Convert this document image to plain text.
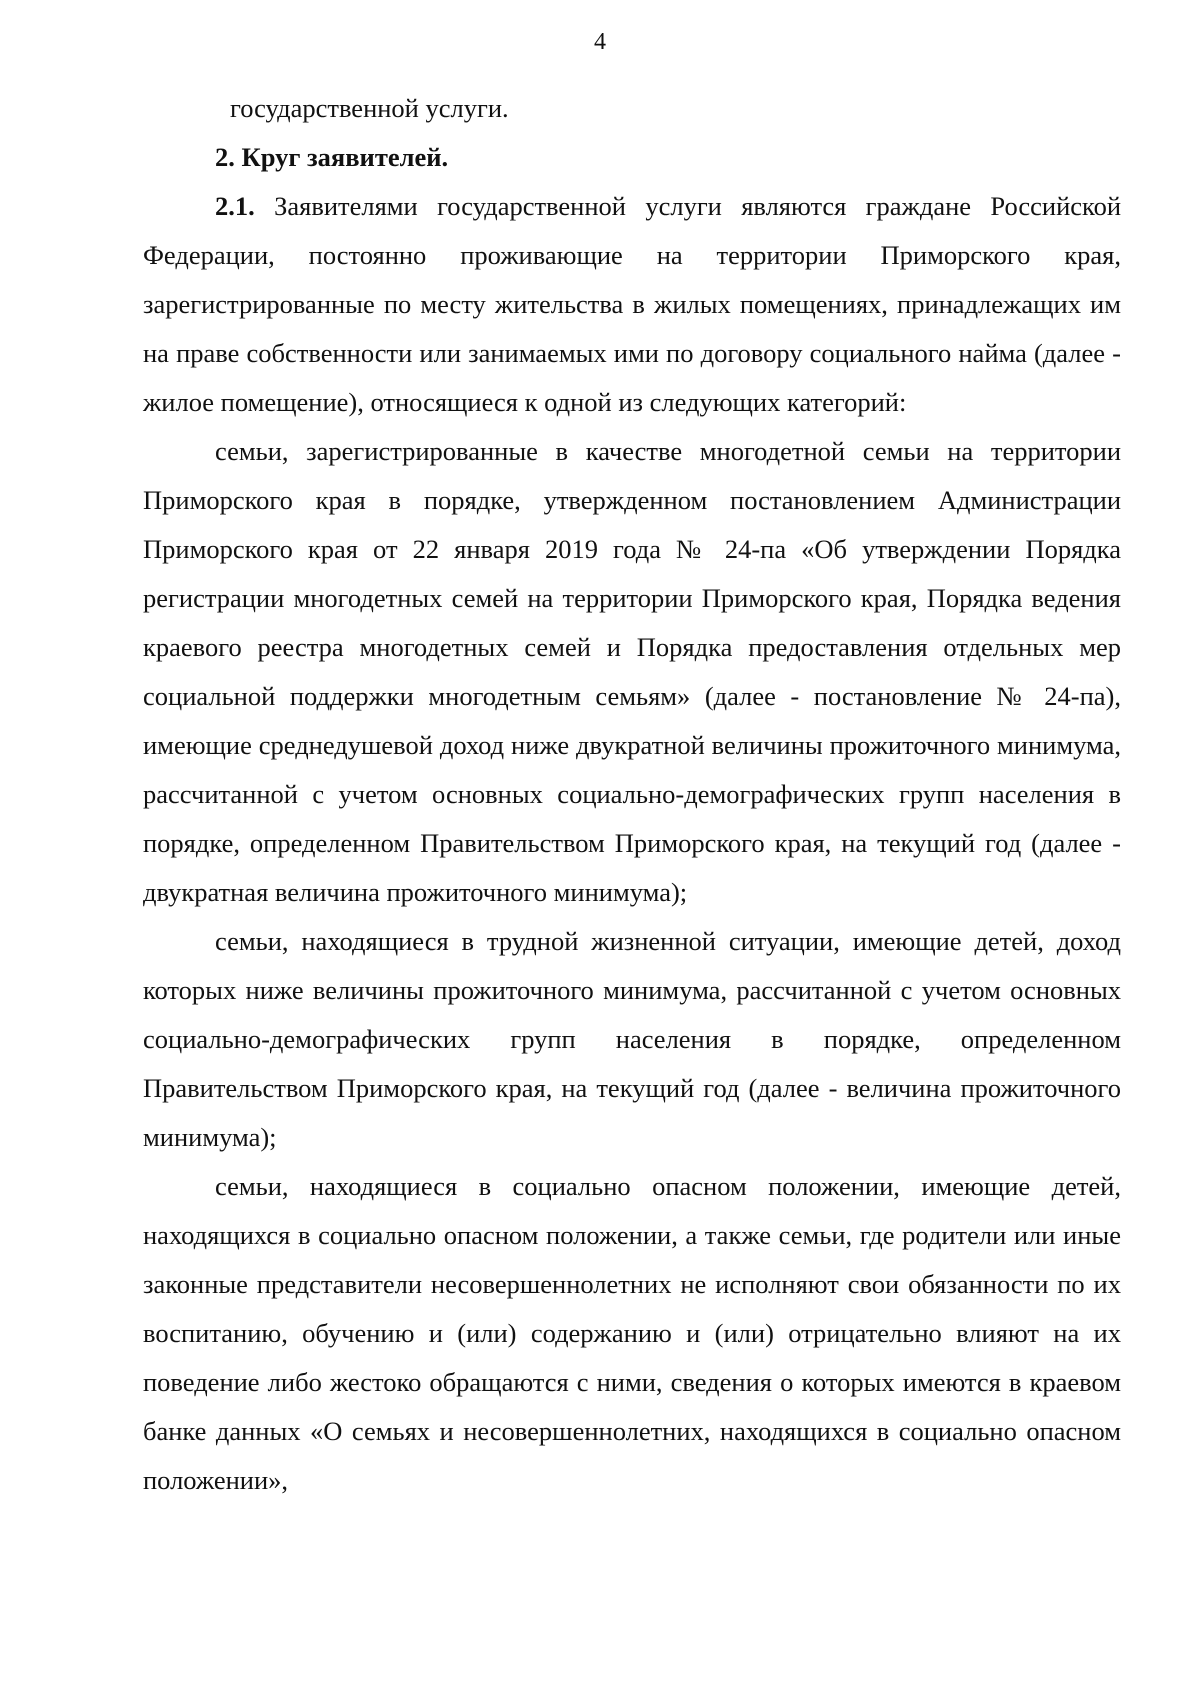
4

государственной услуги.

2. Круг заявителей.

2.1. Заявителями государственной услуги являются граждане Российской Федерации, постоянно проживающие на территории Приморского края, зарегистрированные по месту жительства в жилых помещениях, принадлежащих им на праве собственности или занимаемых ими по договору социального найма (далее - жилое помещение), относящиеся к одной из следующих категорий:

семьи, зарегистрированные в качестве многодетной семьи на территории Приморского края в порядке, утвержденном постановлением Администрации Приморского края от 22 января 2019 года № 24-па «Об утверждении Порядка регистрации многодетных семей на территории Приморского края, Порядка ведения краевого реестра многодетных семей и Порядка предоставления отдельных мер социальной поддержки многодетным семьям» (далее - постановление № 24-па), имеющие среднедушевой доход ниже двукратной величины прожиточного минимума, рассчитанной с учетом основных социально-демографических групп населения в порядке, определенном Правительством Приморского края, на текущий год (далее - двукратная величина прожиточного минимума);

семьи, находящиеся в трудной жизненной ситуации, имеющие детей, доход которых ниже величины прожиточного минимума, рассчитанной с учетом основных социально-демографических групп населения в порядке, определенном Правительством Приморского края, на текущий год (далее - величина прожиточного минимума);

семьи, находящиеся в социально опасном положении, имеющие детей, находящихся в социально опасном положении, а также семьи, где родители или иные законные представители несовершеннолетних не исполняют свои обязанности по их воспитанию, обучению и (или) содержанию и (или) отрицательно влияют на их поведение либо жестоко обращаются с ними, сведения о которых имеются в краевом банке данных «О семьях и несовершеннолетних, находящихся в социально опасном положении»,
